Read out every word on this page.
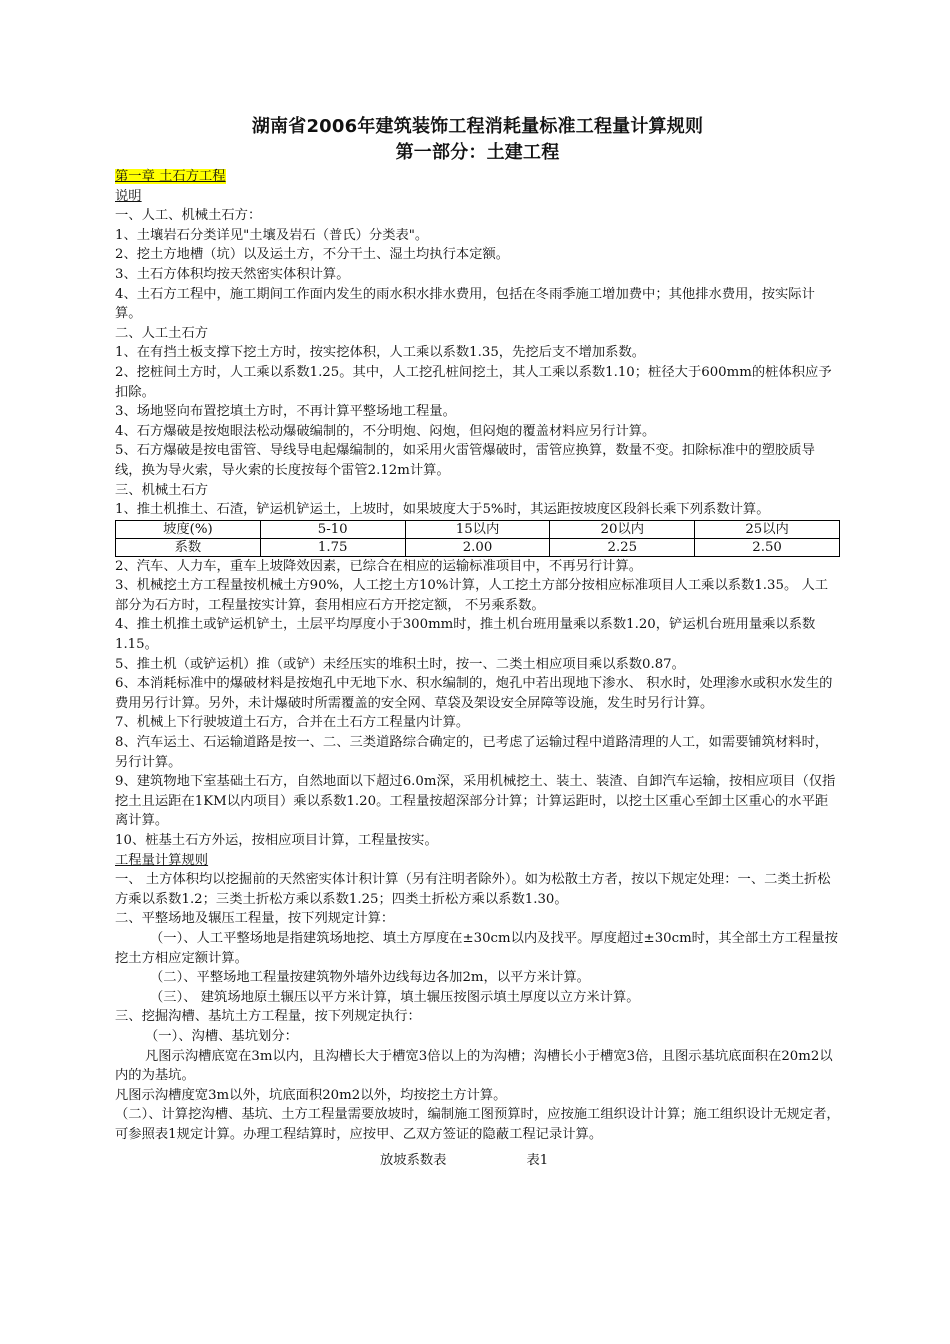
湖南省2006年建筑装饰工程消耗量标准工程量计算规则
第一部分：土建工程

第一章 土石方工程

说明

一、人工、机械土石方：

1、土壤岩石分类详见"土壤及岩石（普氏）分类表"。

2、挖土方地槽（坑）以及运土方，不分干土、湿土均执行本定额。

3、土石方体积均按天然密实体积计算。

4、土石方工程中，施工期间工作面内发生的雨水积水排水费用，包括在冬雨季施工增加费中；其他排水费用，按实际计算。

二、人工土石方

1、在有挡土板支撑下挖土方时，按实挖体积，人工乘以系数1.35，先挖后支不增加系数。

2、挖桩间土方时，人工乘以系数1.25。其中，人工挖孔桩间挖土，其人工乘以系数1.10；桩径大于600mm的桩体积应予扣除。

3、场地竖向布置挖填土方时，不再计算平整场地工程量。

4、石方爆破是按炮眼法松动爆破编制的，不分明炮、闷炮，但闷炮的覆盖材料应另行计算。

5、石方爆破是按电雷管、导线导电起爆编制的，如采用火雷管爆破时，雷管应换算，数量不变。扣除标准中的塑胶质导线，换为导火索，导火索的长度按每个雷管2.12m计算。

三、机械土石方

1、推土机推土、石渣，铲运机铲运土，上坡时，如果坡度大于5%时，其运距按坡度区段斜长乘下列系数计算。

坡度(%)	5-10	15以内	20以内	25以内
系数	1.75	2.00	2.25	2.50

2、汽车、人力车，重车上坡降效因素，已综合在相应的运输标准项目中，不再另行计算。

3、机械挖土方工程量按机械土方90%，人工挖土方10%计算，人工挖土方部分按相应标准项目人工乘以系数1.35。 人工部分为石方时，工程量按实计算，套用相应石方开挖定额， 不另乘系数。

4、推土机推土或铲运机铲土，土层平均厚度小于300mm时，推土机台班用量乘以系数1.20，铲运机台班用量乘以系数1.15。

5、推土机（或铲运机）推（或铲）未经压实的堆积土时，按一、二类土相应项目乘以系数0.87。

6、本消耗标准中的爆破材料是按炮孔中无地下水、积水编制的，炮孔中若出现地下渗水、 积水时，处理渗水或积水发生的费用另行计算。另外，未计爆破时所需覆盖的安全网、草袋及架设安全屏障等设施，发生时另行计算。

7、机械上下行驶坡道土石方，合并在土石方工程量内计算。

8、汽车运土、石运输道路是按一、二、三类道路综合确定的，已考虑了运输过程中道路清理的人工，如需要铺筑材料时，另行计算。

9、建筑物地下室基础土石方，自然地面以下超过6.0m深，采用机械挖土、装土、装渣、自卸汽车运输，按相应项目（仅指挖土且运距在1KM以内项目）乘以系数1.20。工程量按超深部分计算；计算运距时，以挖土区重心至卸土区重心的水平距离计算。

10、桩基土石方外运，按相应项目计算，工程量按实。

工程量计算规则

一、 土方体积均以挖掘前的天然密实体计积计算（另有注明者除外）。如为松散土方者，按以下规定处理：一、二类土折松方乘以系数1.2；三类土折松方乘以系数1.25；四类土折松方乘以系数1.30。

二、平整场地及辗压工程量，按下列规定计算：

（一）、人工平整场地是指建筑场地挖、填土方厚度在±30cm以内及找平。厚度超过±30cm时，其全部土方工程量按挖土方相应定额计算。

（二）、平整场地工程量按建筑物外墙外边线每边各加2m，以平方米计算。

（三）、 建筑场地原土辗压以平方米计算，填土辗压按图示填土厚度以立方米计算。

三、挖掘沟槽、基坑土方工程量，按下列规定执行：

（一）、沟槽、基坑划分：

凡图示沟槽底宽在3m以内，且沟槽长大于槽宽3倍以上的为沟槽；沟槽长小于槽宽3倍，且图示基坑底面积在20m2以内的为基坑。

凡图示沟槽度宽3m以外，坑底面积20m2以外，均按挖土方计算。

（二）、计算挖沟槽、基坑、土方工程量需要放坡时，编制施工图预算时，应按施工组织设计计算；施工组织设计无规定者，可参照表1规定计算。办理工程结算时，应按甲、乙双方签证的隐蔽工程记录计算。

放坡系数表	表1
